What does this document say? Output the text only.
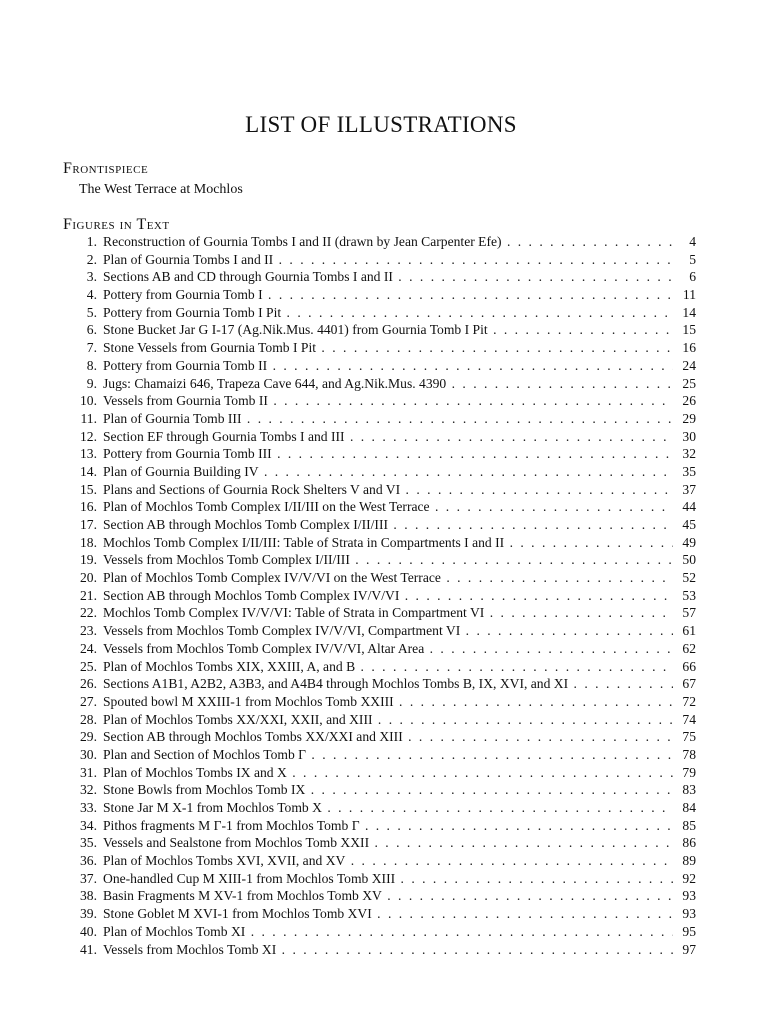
LIST OF ILLUSTRATIONS
Frontispiece
The West Terrace at Mochlos
Figures in Text
1. Reconstruction of Gournia Tombs I and II (drawn by Jean Carpenter Efe) . . .	4
2. Plan of Gournia Tombs I and II . . .	5
3. Sections AB and CD through Gournia Tombs I and II . . .	6
4. Pottery from Gournia Tomb I . . .	11
5. Pottery from Gournia Tomb I Pit . . .	14
6. Stone Bucket Jar G I-17 (Ag.Nik.Mus. 4401) from Gournia Tomb I Pit . . .	15
7. Stone Vessels from Gournia Tomb I Pit . . .	16
8. Pottery from Gournia Tomb II . . .	24
9. Jugs: Chamaizi 646, Trapeza Cave 644, and Ag.Nik.Mus. 4390 . . .	25
10. Vessels from Gournia Tomb II . . .	26
11. Plan of Gournia Tomb III . . .	29
12. Section EF through Gournia Tombs I and III . . .	30
13. Pottery from Gournia Tomb III . . .	32
14. Plan of Gournia Building IV . . .	35
15. Plans and Sections of Gournia Rock Shelters V and VI . . .	37
16. Plan of Mochlos Tomb Complex I/II/III on the West Terrace . . .	44
17. Section AB through Mochlos Tomb Complex I/II/III . . .	45
18. Mochlos Tomb Complex I/II/III: Table of Strata in Compartments I and II . . .	49
19. Vessels from Mochlos Tomb Complex I/II/III . . .	50
20. Plan of Mochlos Tomb Complex IV/V/VI on the West Terrace . . .	52
21. Section AB through Mochlos Tomb Complex IV/V/VI . . .	53
22. Mochlos Tomb Complex IV/V/VI: Table of Strata in Compartment VI . . .	57
23. Vessels from Mochlos Tomb Complex IV/V/VI, Compartment VI . . .	61
24. Vessels from Mochlos Tomb Complex IV/V/VI, Altar Area . . .	62
25. Plan of Mochlos Tombs XIX, XXIII, A, and B . . .	66
26. Sections A1B1, A2B2, A3B3, and A4B4 through Mochlos Tombs B, IX, XVI, and XI . . .	67
27. Spouted bowl M XXIII-1 from Mochlos Tomb XXIII . . .	72
28. Plan of Mochlos Tombs XX/XXI, XXII, and XIII . . .	74
29. Section AB through Mochlos Tombs XX/XXI and XIII . . .	75
30. Plan and Section of Mochlos Tomb Γ . . .	78
31. Plan of Mochlos Tombs IX and X . . .	79
32. Stone Bowls from Mochlos Tomb IX . . .	83
33. Stone Jar M X-1 from Mochlos Tomb X . . .	84
34. Pithos fragments M Γ-1 from Mochlos Tomb Γ . . .	85
35. Vessels and Sealstone from Mochlos Tomb XXII . . .	86
36. Plan of Mochlos Tombs XVI, XVII, and XV . . .	89
37. One-handled Cup M XIII-1 from Mochlos Tomb XIII . . .	92
38. Basin Fragments M XV-1 from Mochlos Tomb XV . . .	93
39. Stone Goblet M XVI-1 from Mochlos Tomb XVI . . .	93
40. Plan of Mochlos Tomb XI . . .	95
41. Vessels from Mochlos Tomb XI . . .	97
